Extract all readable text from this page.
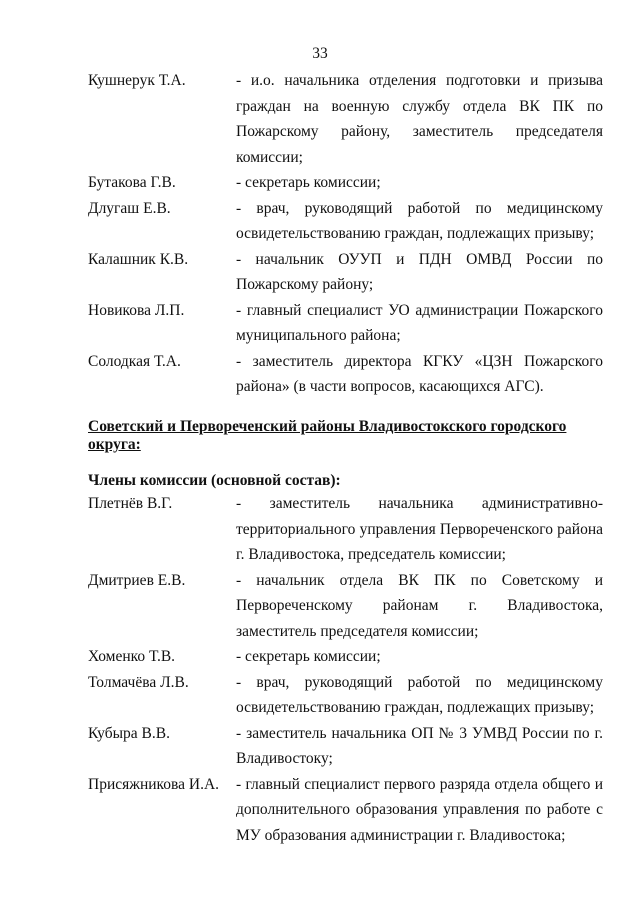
33
Кушнерук Т.А.	- и.о. начальника отделения подготовки и призыва граждан на военную службу отдела ВК ПК по Пожарскому району, заместитель председателя комиссии;
Бутакова Г.В.	- секретарь комиссии;
Длугаш Е.В.	- врач, руководящий работой по медицинскому освидетельствованию граждан, подлежащих призыву;
Калашник К.В.	- начальник ОУУП и ПДН ОМВД России по Пожарскому району;
Новикова Л.П.	- главный специалист УО администрации Пожарского муниципального района;
Солодкая Т.А.	- заместитель директора КГКУ «ЦЗН Пожарского района» (в части вопросов, касающихся АГС).
Советский и Первореченский районы Владивостокского городского округа:
Члены комиссии (основной состав):
Плетнёв В.Г.	- заместитель начальника административно-территориального управления Первореченского района г. Владивостока, председатель комиссии;
Дмитриев Е.В.	- начальник отдела ВК ПК по Советскому и Первореченскому районам г. Владивостока, заместитель председателя комиссии;
Хоменко Т.В.	- секретарь комиссии;
Толмачёва Л.В.	- врач, руководящий работой по медицинскому освидетельствованию граждан, подлежащих призыву;
Кубыра В.В.	- заместитель начальника ОП № 3 УМВД России по г. Владивостоку;
Присяжникова И.А.	- главный специалист первого разряда отдела общего и дополнительного образования управления по работе с МУ образования администрации г. Владивостока;
